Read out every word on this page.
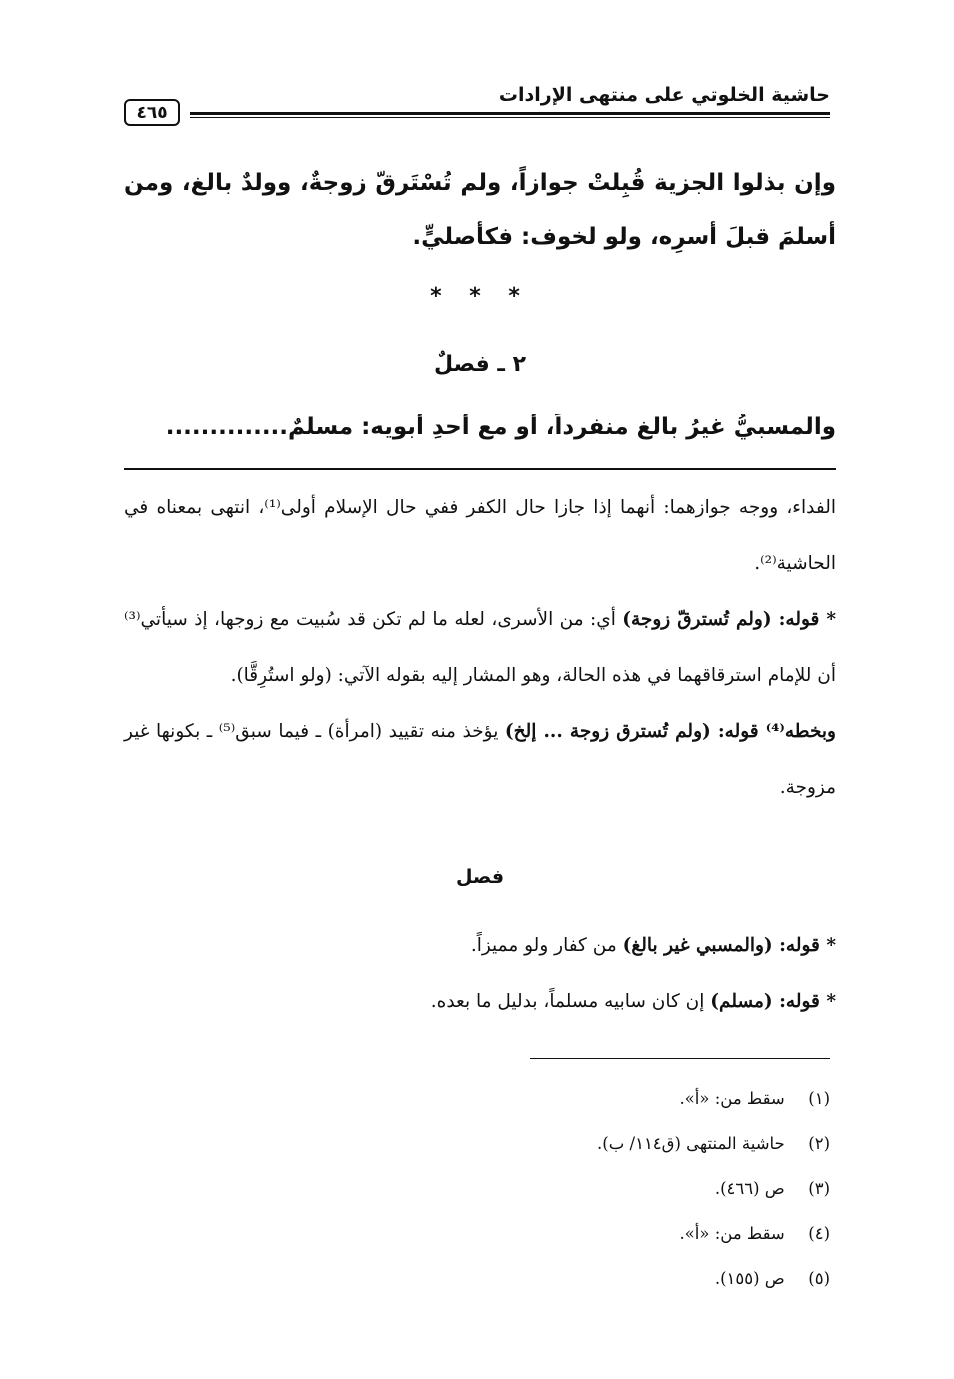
حاشية الخلوتي على منتهى الإرادات
٤٦٥

وإن بذلوا الجزية قُبِلتْ جوازاً، ولم تُسْتَرقّ زوجةٌ، وولدٌ بالغ، ومن أسلمَ قبلَ أسرِه، ولو لخوف: فكأصليٍّ.

* * *
٢ ـ فصلٌ
والمسبيُّ غيرُ بالغ منفرداً، أو مع أحدِ أبويه: مسلمٌ..............

الفداء، ووجه جوازهما: أنهما إذا جازا حال الكفر ففي حال الإسلام أولى⁽¹⁾، انتهى بمعناه في الحاشية⁽²⁾.

* قوله: (ولم تُسترقّ زوجة) أي: من الأسرى، لعله ما لم تكن قد سُبيت مع زوجها، إذ سيأتي⁽³⁾ أن للإمام استرقاقهما في هذه الحالة، وهو المشار إليه بقوله الآتي: (ولو استُرِقَّا).

وبخطه⁽⁴⁾ قوله: (ولم تُسترق زوجة ... إلخ) يؤخذ منه تقييد (امرأة) ـ فيما سبق⁽⁵⁾ ـ بكونها غير مزوجة.

فصل

* قوله: (والمسبي غير بالغ) من كفار ولو مميزاً.

* قوله: (مسلم) إن كان سابيه مسلماً، بدليل ما بعده.

(١) سقط من: «أ».
(٢) حاشية المنتهى (ق١١٤/ ب).
(٣) ص (٤٦٦).
(٤) سقط من: «أ».
(٥) ص (١٥٥).
